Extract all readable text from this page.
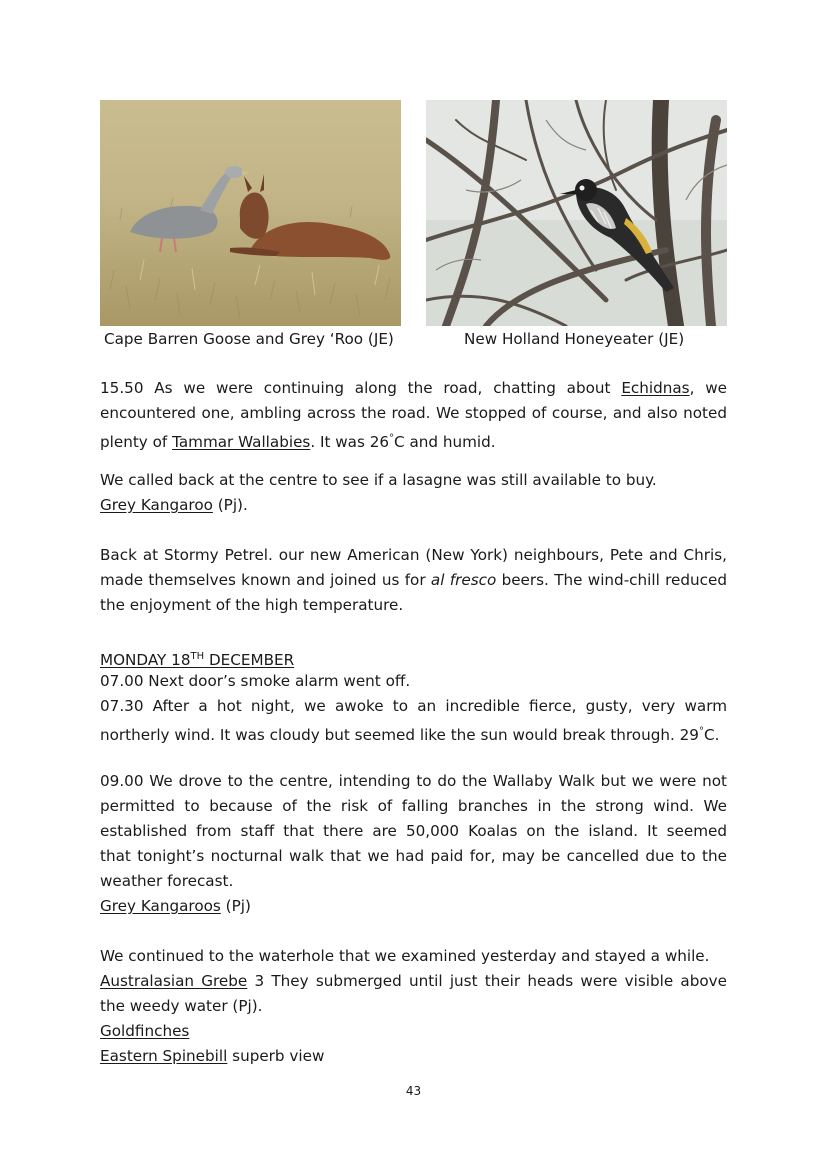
Cape Barren Goose and Grey ‘Roo (JE)	New Holland Honeyeater (JE)
15.50 As we were continuing along the road, chatting about Echidnas, we
encountered one, ambling across the road. We stopped of course, and also noted
plenty of Tammar Wallabies. It was 26°C and humid.
We called back at the centre to see if a lasagne was still available to buy.
Grey Kangaroo (Pj).
Back at Stormy Petrel. our new American (New York) neighbours, Pete and Chris,
made themselves known and joined us for al fresco beers. The wind-chill reduced
the enjoyment of the high temperature.
MONDAY 18TH DECEMBER
07.00 Next door’s smoke alarm went off.
07.30 After a hot night, we awoke to an incredible fierce, gusty, very warm
northerly wind. It was cloudy but seemed like the sun would break through. 29°C.
09.00 We drove to the centre, intending to do the Wallaby Walk but we were not
permitted to because of the risk of falling branches in the strong wind. We
established from staff that there are 50,000 Koalas on the island. It seemed
that tonight’s nocturnal walk that we had paid for, may be cancelled due to the
weather forecast.
Grey Kangaroos (Pj)
We continued to the waterhole that we examined yesterday and stayed a while.
Australasian Grebe 3 They submerged until just their heads were visible above
the weedy water (Pj).
Goldfinches
Eastern Spinebill superb view
43
